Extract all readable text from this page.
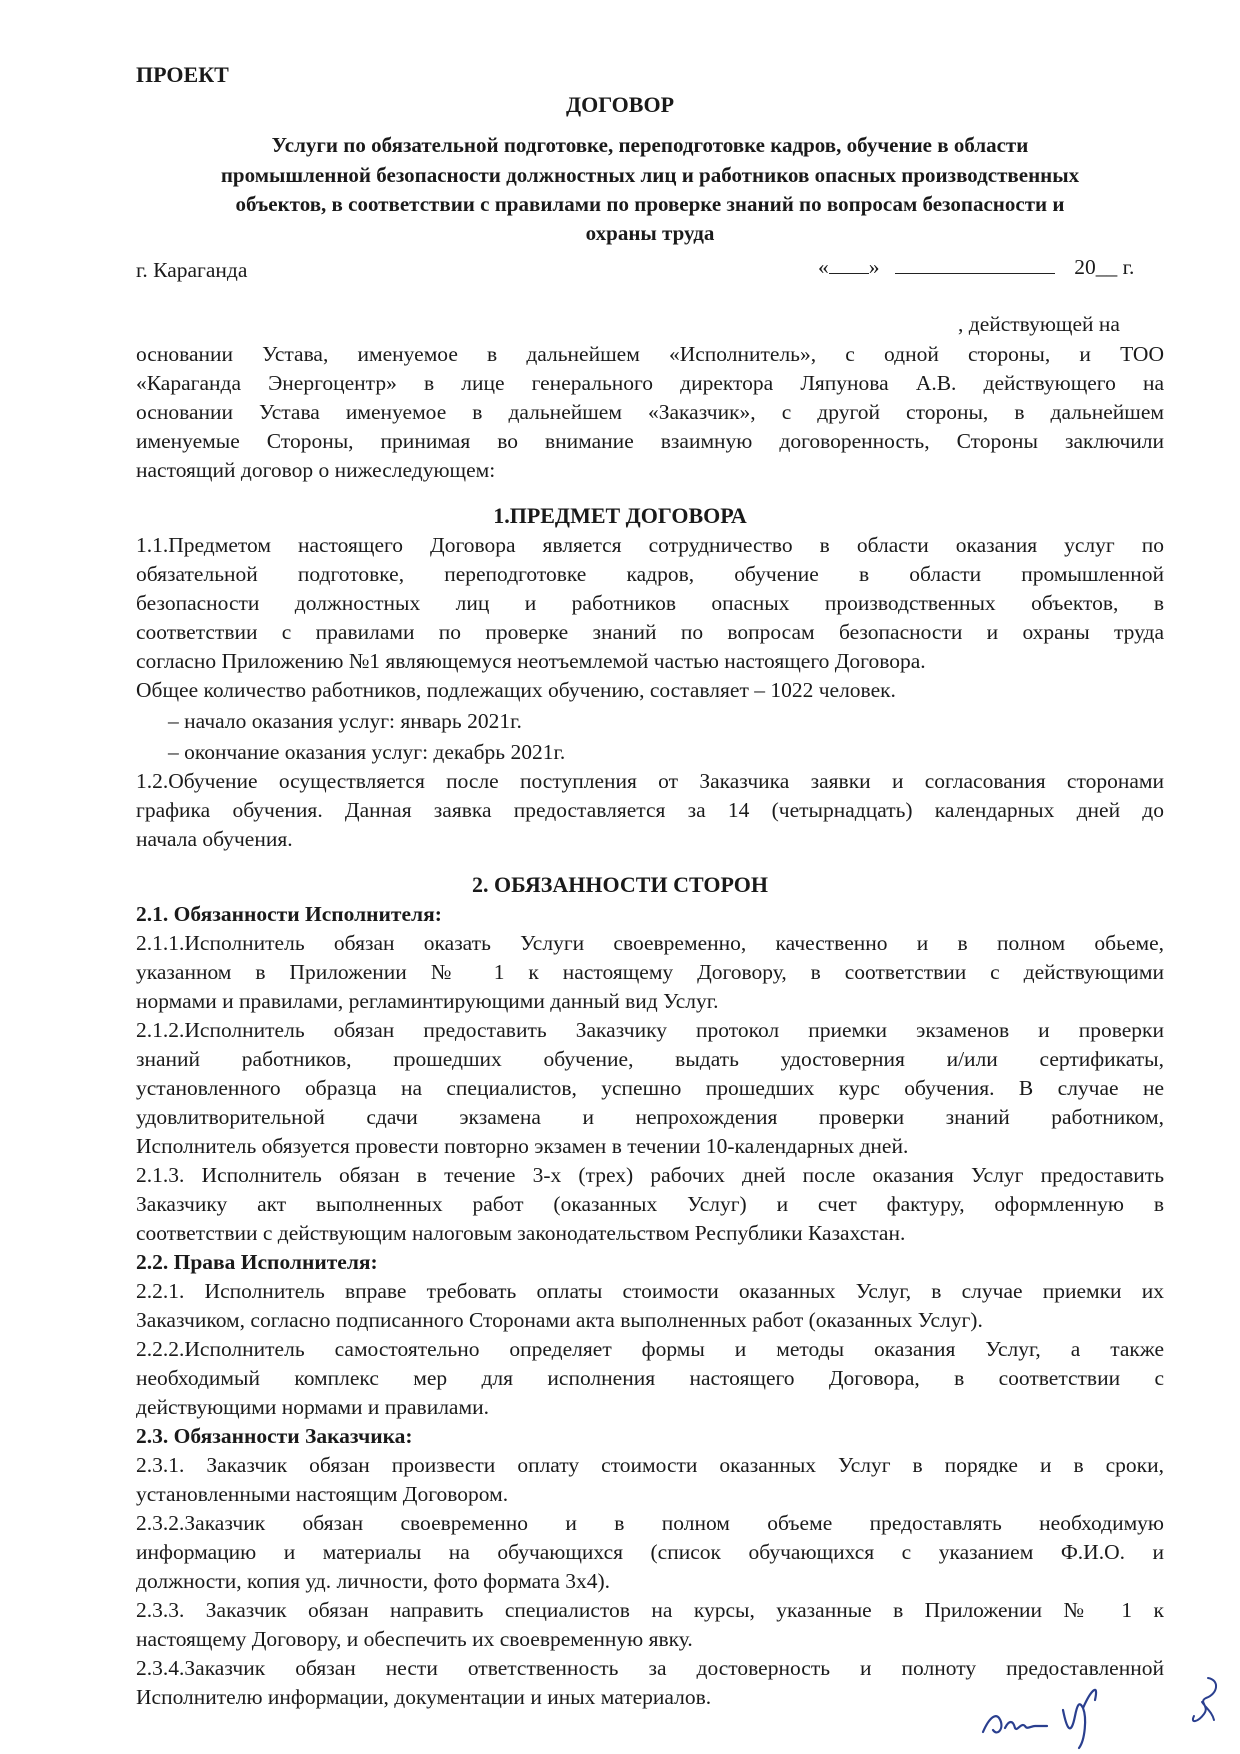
ПРОЕКТ
ДОГОВОР
Услуги по обязательной подготовке, переподготовке кадров, обучение в области
промышленной безопасности должностных лиц и работников опасных производственных
объектов, в соответствии с правилами по проверке знаний по вопросам безопасности и
охраны труда
г. Караганда	« »	20__ г.
, действующей на
основании Устава, именуемое в дальнейшем «Исполнитель», с одной стороны, и ТОО
«Караганда Энергоцентр» в лице генерального директора Ляпунова А.В. действующего на
основании Устава именуемое в дальнейшем «Заказчик», с другой стороны, в дальнейшем
именуемые Стороны, принимая во внимание взаимную договоренность, Стороны заключили
настоящий договор о нижеследующем:
1.ПРЕДМЕТ ДОГОВОРА
1.1.Предметом настоящего Договора является сотрудничество в области оказания услуг по
обязательной подготовке, переподготовке кадров, обучение в области промышленной
безопасности должностных лиц и работников опасных производственных объектов, в
соответствии с правилами по проверке знаний по вопросам безопасности и охраны труда
согласно Приложению №1 являющемуся неотъемлемой частью настоящего Договора.
Общее количество работников, подлежащих обучению, составляет – 1022 человек.
– начало оказания услуг: январь 2021г.
– окончание оказания услуг: декабрь 2021г.
1.2.Обучение осуществляется после поступления от Заказчика заявки и согласования сторонами
графика обучения. Данная заявка предоставляется за 14 (четырнадцать) календарных дней до
начала обучения.
2. ОБЯЗАННОСТИ СТОРОН
2.1. Обязанности Исполнителя:
2.1.1.Исполнитель обязан оказать Услуги своевременно, качественно и в полном обьеме,
указанном в Приложении № 1 к настоящему Договору, в соответствии с действующими
нормами и правилами, регламинтирующими данный вид Услуг.
2.1.2.Исполнитель обязан предоставить Заказчику протокол приемки экзаменов и проверки
знаний работников, прошедших обучение, выдать удостоверния и/или сертификаты,
установленного образца на специалистов, успешно прошедших курс обучения. В случае не
удовлитворительной сдачи экзамена и непрохождения проверки знаний работником,
Исполнитель обязуется провести повторно экзамен в течении 10-календарных дней.
2.1.3. Исполнитель обязан в течение 3-х (трех) рабочих дней после оказания Услуг предоставить
Заказчику акт выполненных работ (оказанных Услуг) и счет фактуру, оформленную в
соответствии с действующим налоговым законодательством Республики Казахстан.
2.2. Права Исполнителя:
2.2.1. Исполнитель вправе требовать оплаты стоимости оказанных Услуг, в случае приемки их
Заказчиком, согласно подписанного Сторонами акта выполненных работ (оказанных Услуг).
2.2.2.Исполнитель самостоятельно определяет формы и методы оказания Услуг, а также
необходимый комплекс мер для исполнения настоящего Договора, в соответствии с
действующими нормами и правилами.
2.3. Обязанности Заказчика:
2.3.1. Заказчик обязан произвести оплату стоимости оказанных Услуг в порядке и в сроки,
установленными настоящим Договором.
2.3.2.Заказчик обязан своевременно и в полном объеме предоставлять необходимую
информацию и материалы на обучающихся (список обучающихся с указанием Ф.И.О. и
должности, копия уд. личности, фото формата 3х4).
2.3.3. Заказчик обязан направить специалистов на курсы, указанные в Приложении № 1 к
настоящему Договору, и обеспечить их своевременную явку.
2.3.4.Заказчик обязан нести ответственность за достоверность и полноту предоставленной
Исполнителю информации, документации и иных материалов.
